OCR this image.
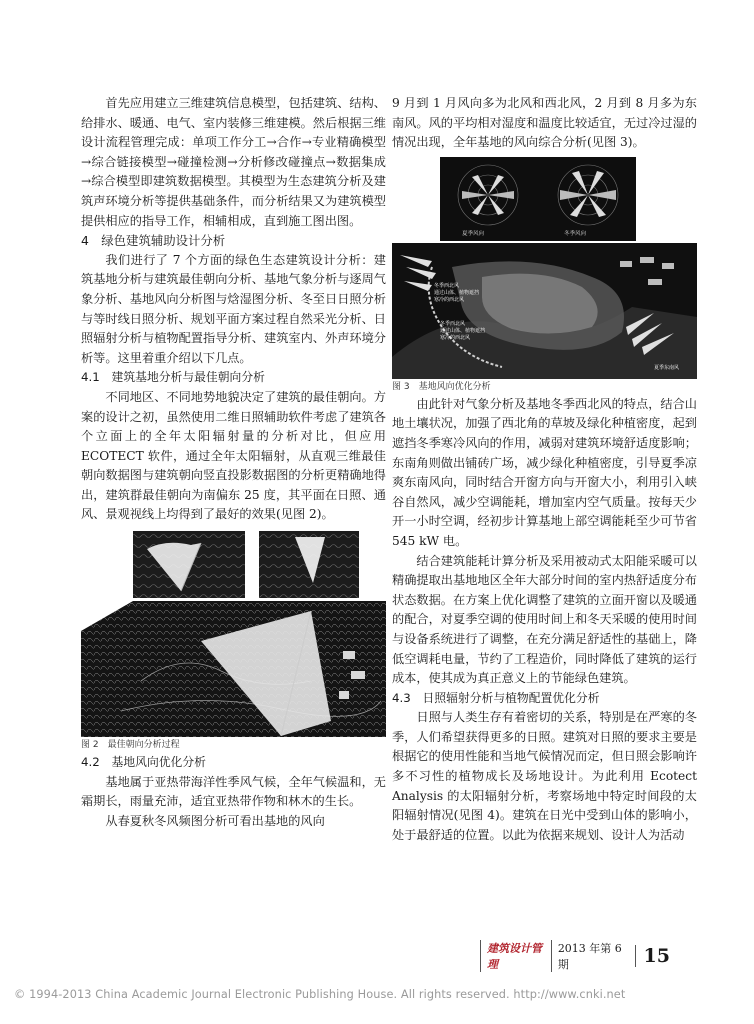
首先应用建立三维建筑信息模型，包括建筑、结构、给排水、暖通、电气、室内装修三维建模。然后根据三维设计流程管理完成：单项工作分工→合作→专业精确模型→综合链接模型→碰撞检测→分析修改碰撞点→数据集成→综合模型即建筑数据模型。其模型为生态建筑分析及建筑声环境分析等提供基础条件，而分析结果又为建筑模型提供相应的指导工作，相辅相成，直到施工图出图。

4　绿色建筑辅助设计分析

我们进行了 7 个方面的绿色生态建筑设计分析：建筑基地分析与建筑最佳朝向分析、基地气象分析与逐周气象分析、基地风向分析图与焓湿图分析、冬至日日照分析与等时线日照分析、规划平面方案过程自然采光分析、日照辐射分析与植物配置指导分析、建筑室内、外声环境分析等。这里着重介绍以下几点。

4.1　建筑基地分析与最佳朝向分析

不同地区、不同地势地貌决定了建筑的最佳朝向。方案的设计之初，虽然使用二维日照辅助软件考虑了建筑各个立面上的全年太阳辐射量的分析对比，但应用 ECOTECT 软件，通过全年太阳辐射，从直观三维最佳朝向数据图与建筑朝向竖直投影数据图的分析更精确地得出，建筑群最佳朝向为南偏东 25 度，其平面在日照、通风、景观视线上均得到了最好的效果(见图 2)。

图 2　最佳朝向分析过程

4.2　基地风向优化分析

基地属于亚热带海洋性季风气候，全年气候温和，无霜期长，雨量充沛，适宜亚热带作物和林木的生长。

从春夏秋冬风频图分析可看出基地的风向

9 月到 1 月风向多为北风和西北风，2 月到 8 月多为东南风。风的平均相对湿度和温度比较适宜，无过冷过湿的情况出现，全年基地的风向综合分析(见图 3)。

夏季风向	冬季风向
冬季西北风
通过山体、植物遮挡
寒冷的西北风
冬季西北风
通过山体、植物遮挡
寒冷的西北风
夏季东南风

图 3　基地风向优化分析

由此针对气象分析及基地冬季西北风的特点，结合山地土壤状况，加强了西北角的草坡及绿化种植密度，起到遮挡冬季寒冷风向的作用，减弱对建筑环境舒适度影响；东南角则做出铺砖广场，减少绿化种植密度，引导夏季凉爽东南风向，同时结合开窗方向与开窗大小，利用引入峡谷自然风，减少空调能耗，增加室内空气质量。按每天少开一小时空调，经初步计算基地上部空调能耗至少可节省 545 kW 电。

结合建筑能耗计算分析及采用被动式太阳能采暖可以精确提取出基地地区全年大部分时间的室内热舒适度分布状态数据。在方案上优化调整了建筑的立面开窗以及暖通的配合，对夏季空调的使用时间上和冬天采暖的使用时间与设备系统进行了调整，在充分满足舒适性的基础上，降低空调耗电量，节约了工程造价，同时降低了建筑的运行成本，使其成为真正意义上的节能绿色建筑。

4.3　日照辐射分析与植物配置优化分析

日照与人类生存有着密切的关系，特别是在严寒的冬季，人们希望获得更多的日照。建筑对日照的要求主要是根据它的使用性能和当地气候情况而定，但日照会影响许多不习性的植物成长及场地设计。为此利用 Ecotect Analysis 的太阳辐射分析，考察场地中特定时间段的太阳辐射情况(见图 4)。建筑在日光中受到山体的影响小，处于最舒适的位置。以此为依据来规划、设计人为活动

建筑设计管理
2013 年第 6 期	15
© 1994-2013 China Academic Journal Electronic Publishing House. All rights reserved. http://www.cnki.net
